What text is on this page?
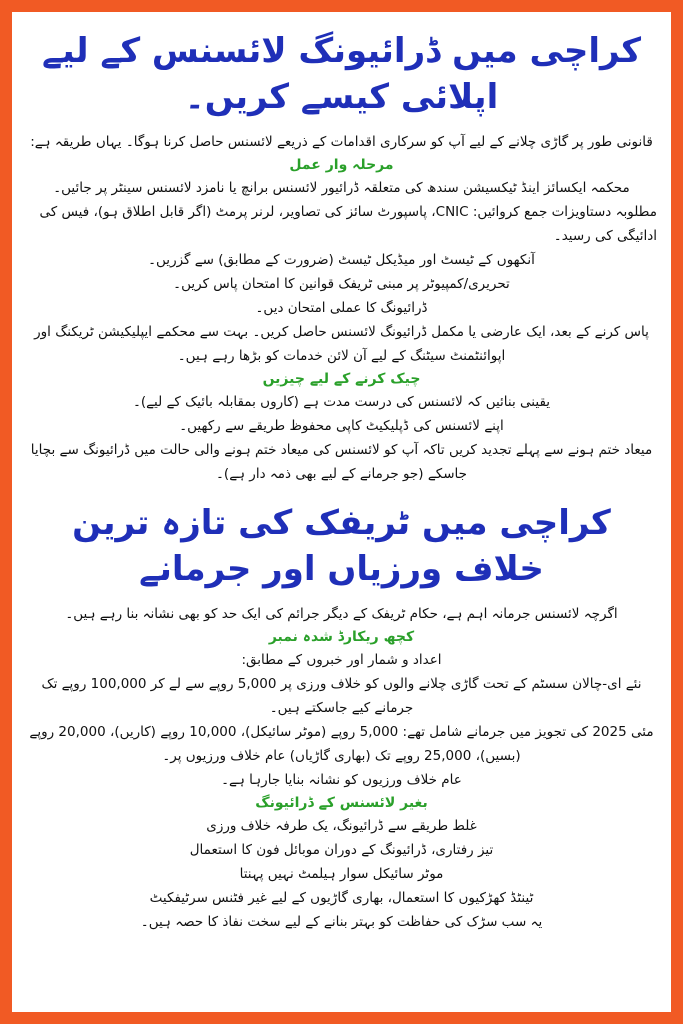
کراچی میں ڈرائیونگ لائسنس کے لیے اپلائی کیسے کریں۔

قانونی طور پر گاڑی چلانے کے لیے آپ کو سرکاری اقدامات کے ذریعے لائسنس حاصل کرنا ہوگا۔ یہاں طریقہ ہے:

مرحلہ وار عمل

محکمہ ایکسائز اینڈ ٹیکسیشن سندھ کی متعلقہ ڈرائیور لائسنس برانچ یا نامزد لائسنس سینٹر پر جائیں۔

مطلوبہ دستاویزات جمع کروائیں: CNIC، پاسپورٹ سائز کی تصاویر، لرنر پرمٹ (اگر قابل اطلاق ہو)، فیس کی ادائیگی کی رسید۔

آنکھوں کے ٹیسٹ اور میڈیکل ٹیسٹ (ضرورت کے مطابق) سے گزریں۔

تحریری/کمپیوٹر پر مبنی ٹریفک قوانین کا امتحان پاس کریں۔

ڈرائیونگ کا عملی امتحان دیں۔

پاس کرنے کے بعد، ایک عارضی یا مکمل ڈرائیونگ لائسنس حاصل کریں۔ بہت سے محکمے ایپلیکیشن ٹریکنگ اور اپوائنٹمنٹ سیٹنگ کے لیے آن لائن خدمات کو بڑھا رہے ہیں۔

چیک کرنے کے لیے چیزیں

یقینی بنائیں کہ لائسنس کی درست مدت ہے (کاروں بمقابلہ بائیک کے لیے)۔

اپنے لائسنس کی ڈپلیکیٹ کاپی محفوظ طریقے سے رکھیں۔

میعاد ختم ہونے سے پہلے تجدید کریں تاکہ آپ کو لائسنس کی میعاد ختم ہونے والی حالت میں ڈرائیونگ سے بچایا جاسکے (جو جرمانے کے لیے بھی ذمہ دار ہے)۔

کراچی میں ٹریفک کی تازہ ترین خلاف ورزیاں اور جرمانے

اگرچہ لائسنس جرمانہ اہم ہے، حکام ٹریفک کے دیگر جرائم کی ایک حد کو بھی نشانہ بنا رہے ہیں۔

کچھ ریکارڈ شدہ نمبر

اعداد و شمار اور خبروں کے مطابق:

نئے ای-چالان سسٹم کے تحت گاڑی چلانے والوں کو خلاف ورزی پر 5,000 روپے سے لے کر 100,000 روپے تک جرمانے کیے جاسکتے ہیں۔

مئی 2025 کی تجویز میں جرمانے شامل تھے: 5,000 روپے (موٹر سائیکل)، 10,000 روپے (کاریں)، 20,000 روپے (بسیں)، 25,000 روپے تک (بھاری گاڑیاں) عام خلاف ورزیوں پر۔

عام خلاف ورزیوں کو نشانہ بنایا جارہا ہے۔

بغیر لائسنس کے ڈرائیونگ

غلط طریقے سے ڈرائیونگ، یک طرفہ خلاف ورزی

تیز رفتاری، ڈرائیونگ کے دوران موبائل فون کا استعمال

موٹر سائیکل سوار ہیلمٹ نہیں پہنتا

ٹینٹڈ کھڑکیوں کا استعمال، بھاری گاڑیوں کے لیے غیر فٹنس سرٹیفکیٹ

یہ سب سڑک کی حفاظت کو بہتر بنانے کے لیے سخت نفاذ کا حصہ ہیں۔
